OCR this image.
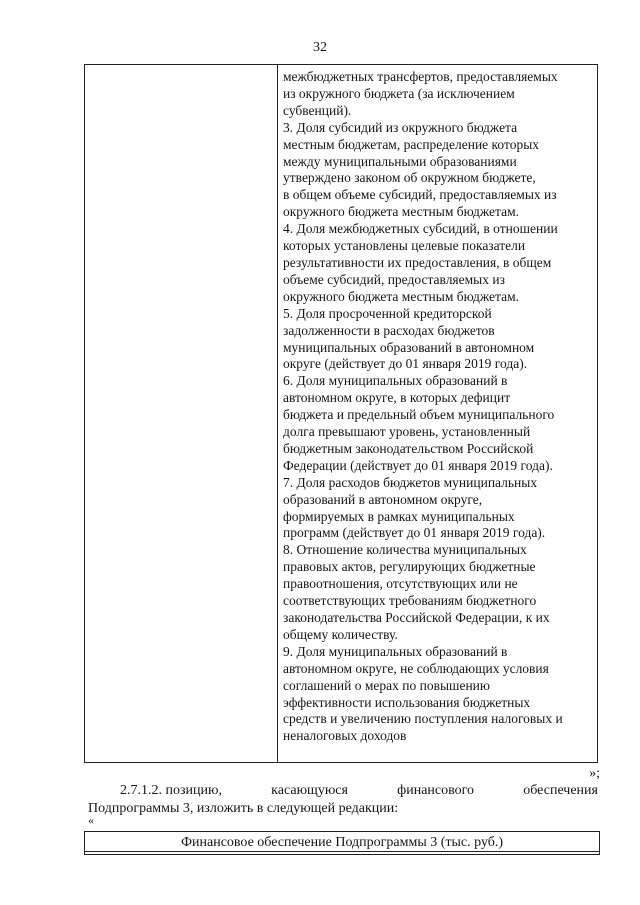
32
межбюджетных трансфертов, предоставляемых
из окружного бюджета (за исключением
субвенций).
3. Доля субсидий из окружного бюджета
местным бюджетам, распределение которых
между муниципальными образованиями
утверждено законом об окружном бюджете,
в общем объеме субсидий, предоставляемых из
окружного бюджета местным бюджетам.
4. Доля межбюджетных субсидий, в отношении
которых установлены целевые показатели
результативности их предоставления, в общем
объеме субсидий, предоставляемых из
окружного бюджета местным бюджетам.
5. Доля просроченной кредиторской
задолженности в расходах бюджетов
муниципальных образований в автономном
округе (действует до 01 января 2019 года).
6. Доля муниципальных образований в
автономном округе, в которых дефицит
бюджета и предельный объем муниципального
долга превышают уровень, установленный
бюджетным законодательством Российской
Федерации (действует до 01 января 2019 года).
7. Доля расходов бюджетов муниципальных
образований в автономном округе,
формируемых в рамках муниципальных
программ (действует до 01 января 2019 года).
8. Отношение количества муниципальных
правовых актов, регулирующих бюджетные
правоотношения, отсутствующих или не
соответствующих требованиям бюджетного
законодательства Российской Федерации, к их
общему количеству.
9. Доля муниципальных образований в
автономном округе, не соблюдающих условия
соглашений о мерах по повышению
эффективности использования бюджетных
средств и увеличению поступления налоговых и
неналоговых доходов
»;
2.7.1.2. позицию,	касающуюся	финансового	обеспечения
Подпрограммы 3, изложить в следующей редакции:
«
Финансовое обеспечение Подпрограммы 3 (тыс. руб.)
